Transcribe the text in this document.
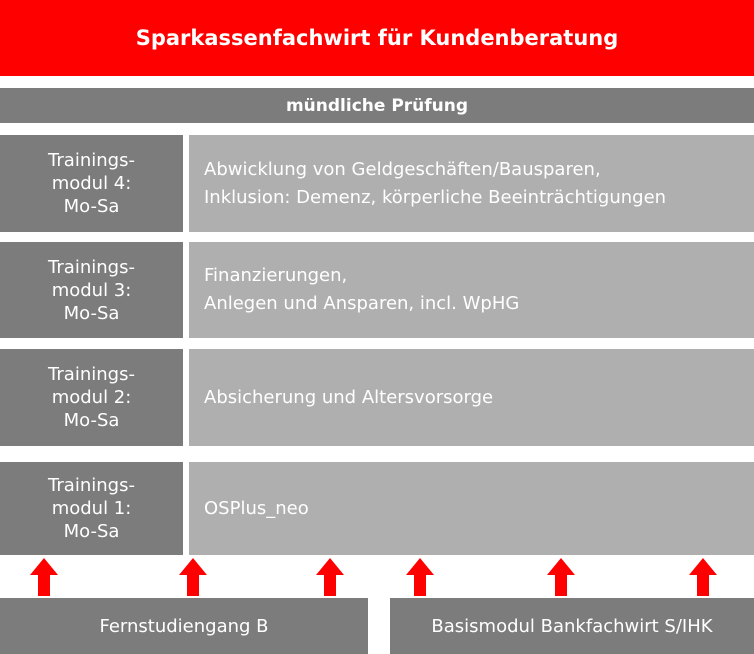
Sparkassenfachwirt für Kundenberatung
mündliche Prüfung
Trainings-
modul 4:
Mo-Sa
Abwicklung von Geldgeschäften/Bausparen,
Inklusion: Demenz, körperliche Beeinträchtigungen
Trainings-
modul 3:
Mo-Sa
Finanzierungen,
Anlegen und Ansparen, incl. WpHG
Trainings-
modul 2:
Mo-Sa
Absicherung und Altersvorsorge
Trainings-
modul 1:
Mo-Sa
OSPlus_neo
Fernstudiengang B	Basismodul Bankfachwirt S/IHK
